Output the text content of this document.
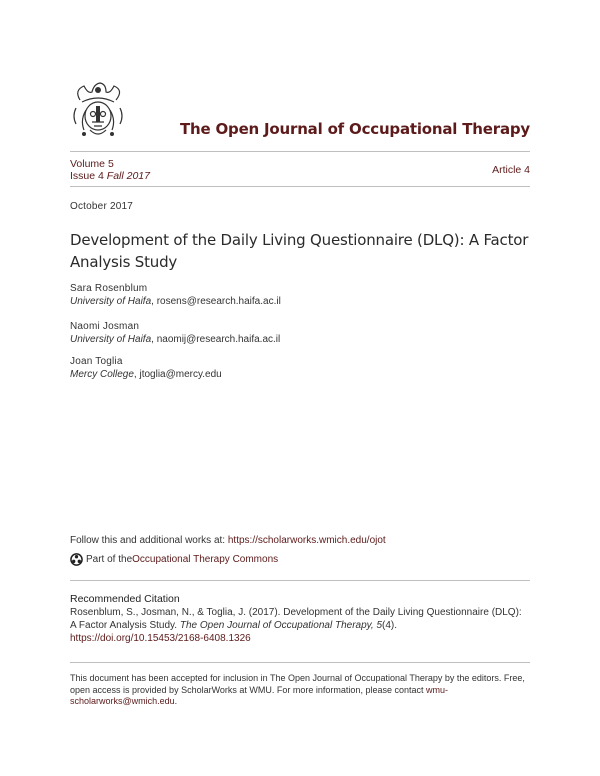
The Open Journal of Occupational Therapy
Volume 5
Issue 4 Fall 2017	Article 4
October 2017
Development of the Daily Living Questionnaire (DLQ): A Factor Analysis Study
Sara Rosenblum
University of Haifa, rosens@research.haifa.ac.il
Naomi Josman
University of Haifa, naomij@research.haifa.ac.il
Joan Toglia
Mercy College, jtoglia@mercy.edu
Follow this and additional works at: https://scholarworks.wmich.edu/ojot
Part of the Occupational Therapy Commons
Recommended Citation
Rosenblum, S., Josman, N., & Toglia, J. (2017). Development of the Daily Living Questionnaire (DLQ): A Factor Analysis Study. The Open Journal of Occupational Therapy, 5(4). https://doi.org/10.15453/2168-6408.1326
This document has been accepted for inclusion in The Open Journal of Occupational Therapy by the editors. Free, open access is provided by ScholarWorks at WMU. For more information, please contact wmu-scholarworks@wmich.edu.
